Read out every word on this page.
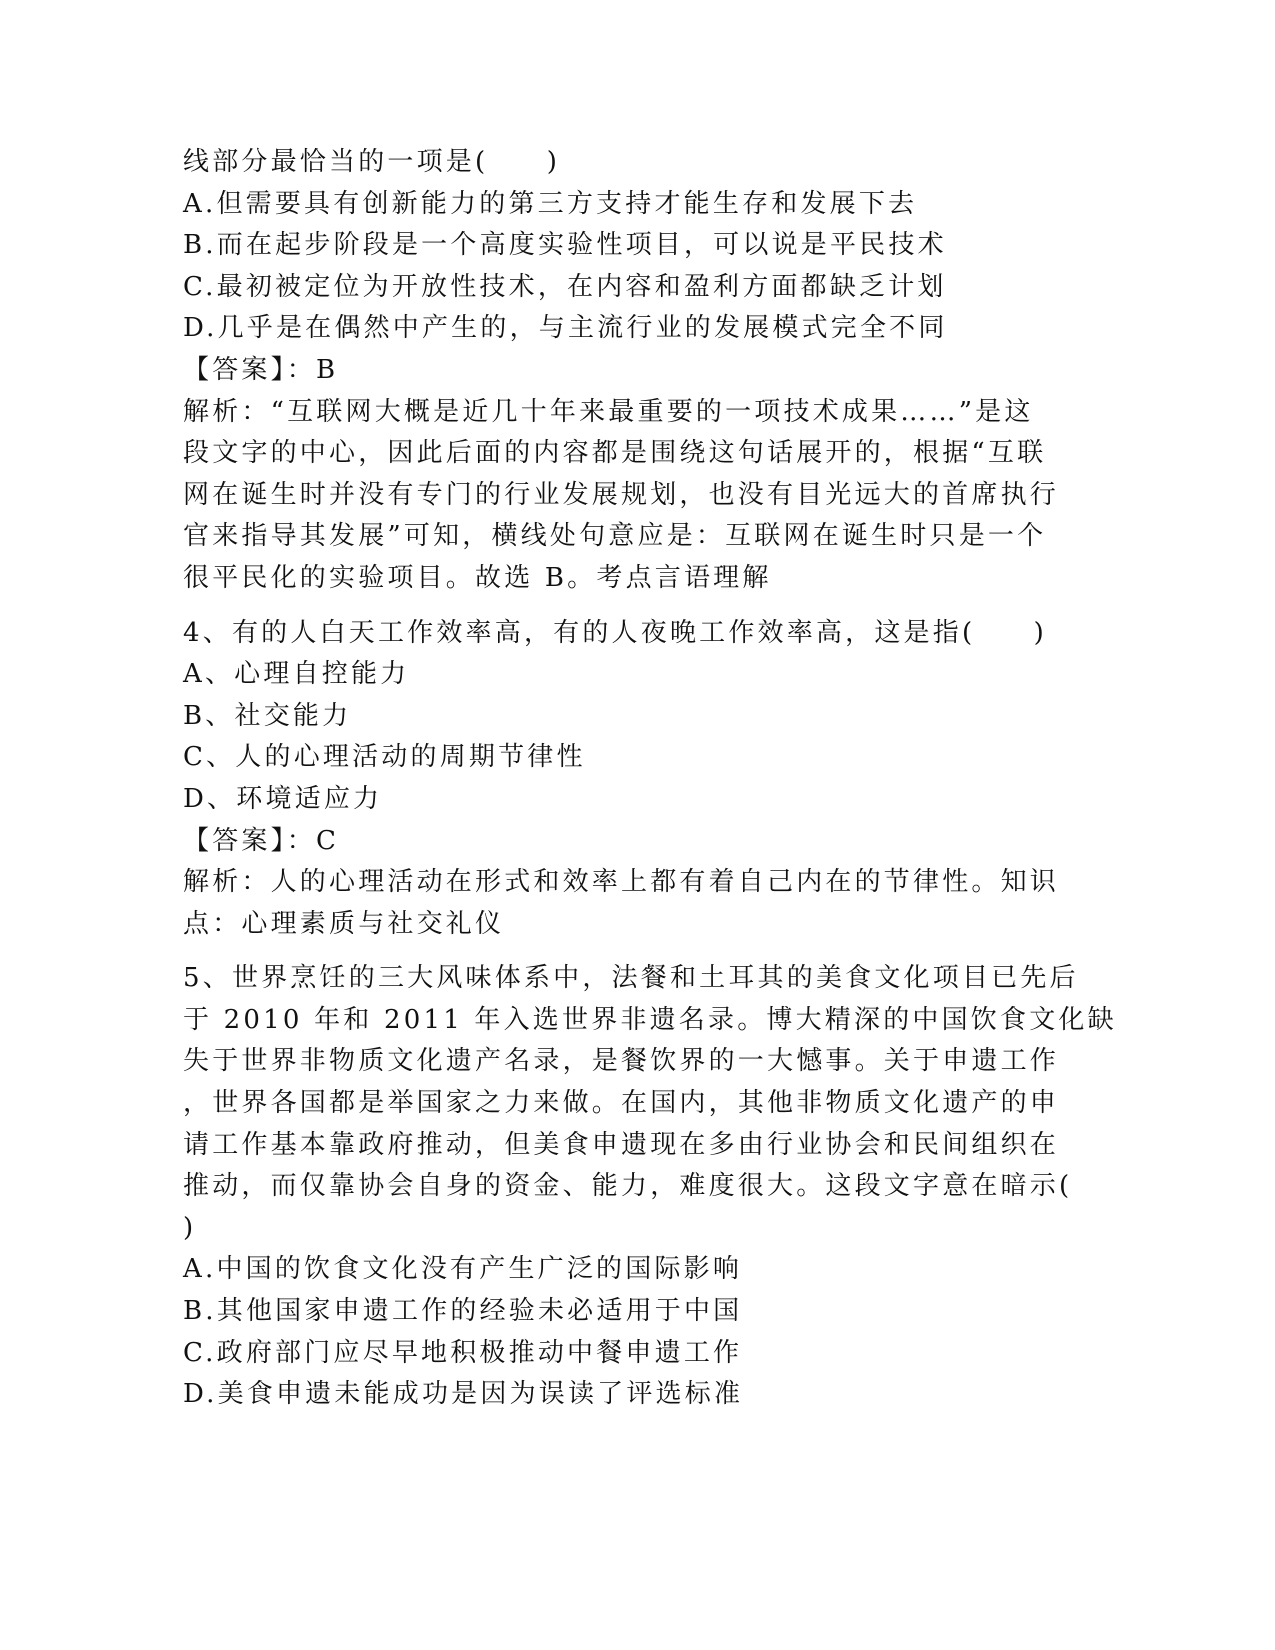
线部分最恰当的一项是(　　)
A.但需要具有创新能力的第三方支持才能生存和发展下去
B.而在起步阶段是一个高度实验性项目，可以说是平民技术
C.最初被定位为开放性技术，在内容和盈利方面都缺乏计划
D.几乎是在偶然中产生的，与主流行业的发展模式完全不同
【答案】：B
解析：“互联网大概是近几十年来最重要的一项技术成果……”是这
段文字的中心，因此后面的内容都是围绕这句话展开的，根据“互联
网在诞生时并没有专门的行业发展规划，也没有目光远大的首席执行
官来指导其发展”可知，横线处句意应是：互联网在诞生时只是一个
很平民化的实验项目。故选 B。考点言语理解
4、有的人白天工作效率高，有的人夜晚工作效率高，这是指(　　)
A、心理自控能力
B、社交能力
C、人的心理活动的周期节律性
D、环境适应力
【答案】：C
解析：人的心理活动在形式和效率上都有着自己内在的节律性。知识
点：心理素质与社交礼仪
5、世界烹饪的三大风味体系中，法餐和土耳其的美食文化项目已先后
于 2010 年和 2011 年入选世界非遗名录。博大精深的中国饮食文化缺
失于世界非物质文化遗产名录，是餐饮界的一大憾事。关于申遗工作
，世界各国都是举国家之力来做。在国内，其他非物质文化遗产的申
请工作基本靠政府推动，但美食申遗现在多由行业协会和民间组织在
推动，而仅靠协会自身的资金、能力，难度很大。这段文字意在暗示(
)
A.中国的饮食文化没有产生广泛的国际影响
B.其他国家申遗工作的经验未必适用于中国
C.政府部门应尽早地积极推动中餐申遗工作
D.美食申遗未能成功是因为误读了评选标准
